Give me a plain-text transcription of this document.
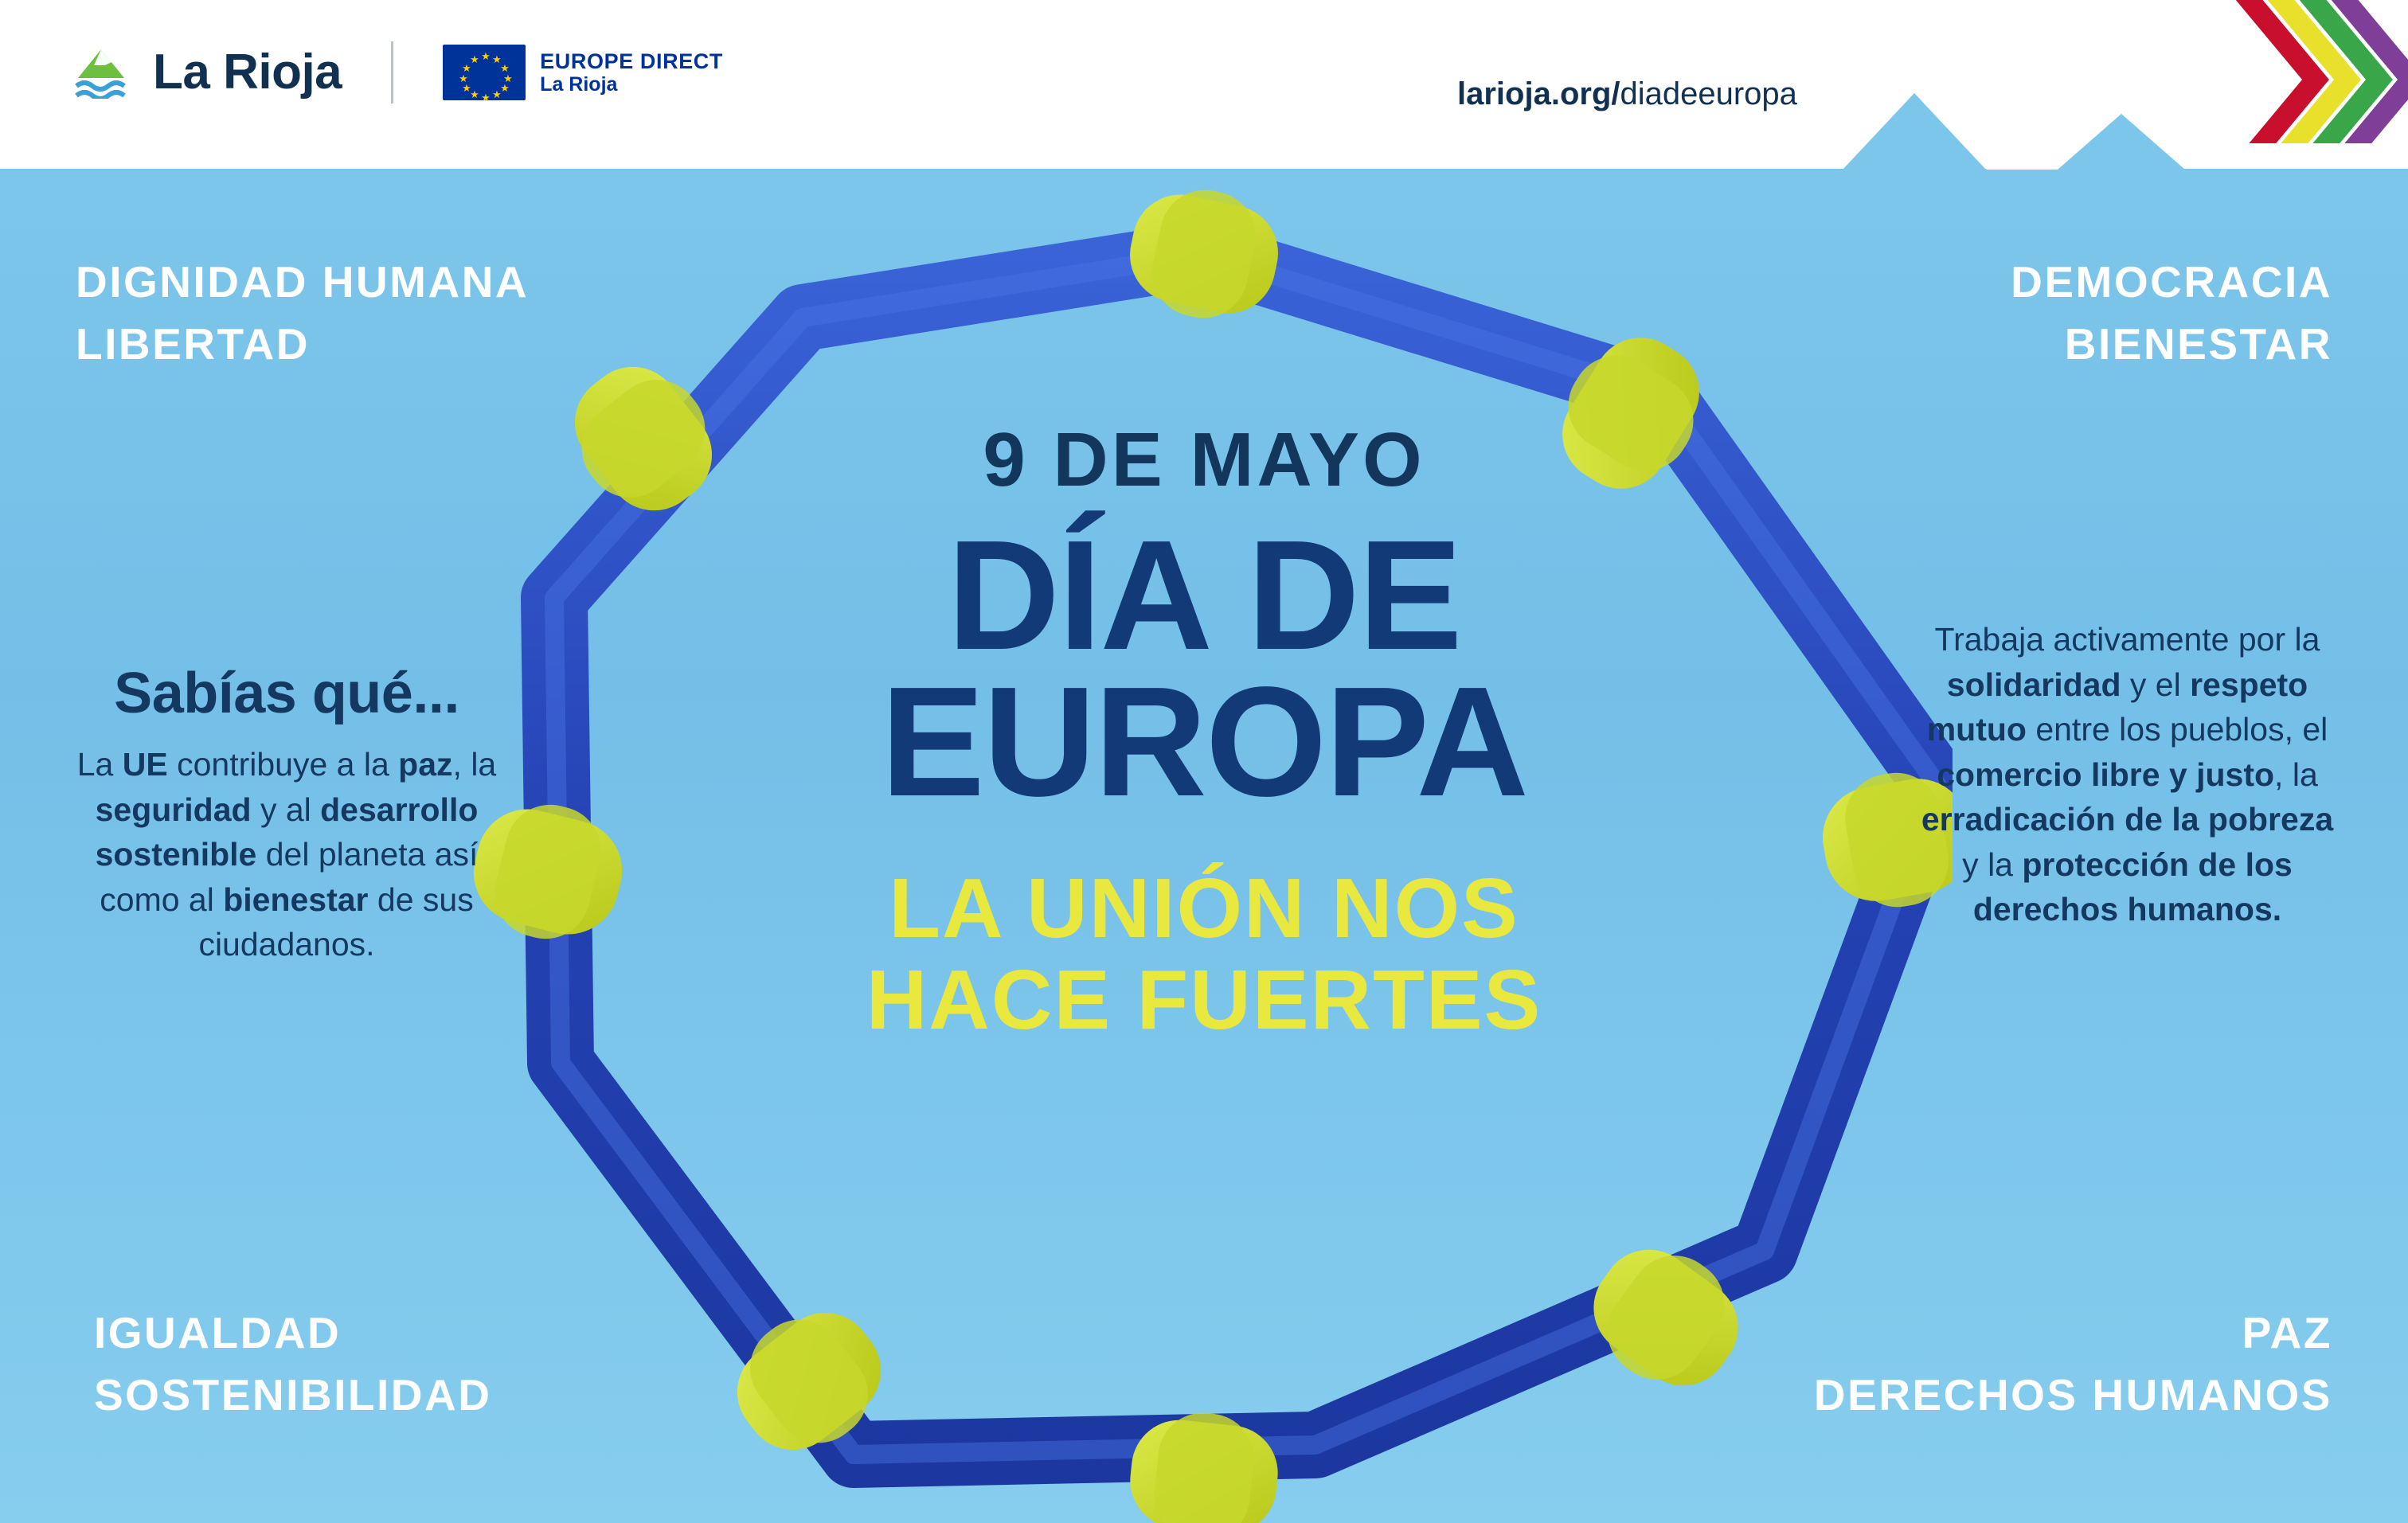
La Rioja	★ ★
★
★
★
★
★
★
★
★
★
★	EUROPE DIRECT
La Rioja	larioja.org/diadeeuropa
DIGNIDAD HUMANA
LIBERTAD
DEMOCRACIA
BIENESTAR
IGUALDAD
SOSTENIBILIDAD
PAZ
DERECHOS HUMANOS
Sabías qué...
La UE contribuye a la paz, la seguridad y al desarrollo sostenible del planeta así como al bienestar de sus ciudadanos.
Trabaja activamente por la solidaridad y el respeto mutuo entre los pueblos, el comercio libre y justo, la erradicación de la pobreza y la protección de los derechos humanos.
9 DE MAYO
DÍA DE
EUROPA
LA UNIÓN NOS
HACE FUERTES
